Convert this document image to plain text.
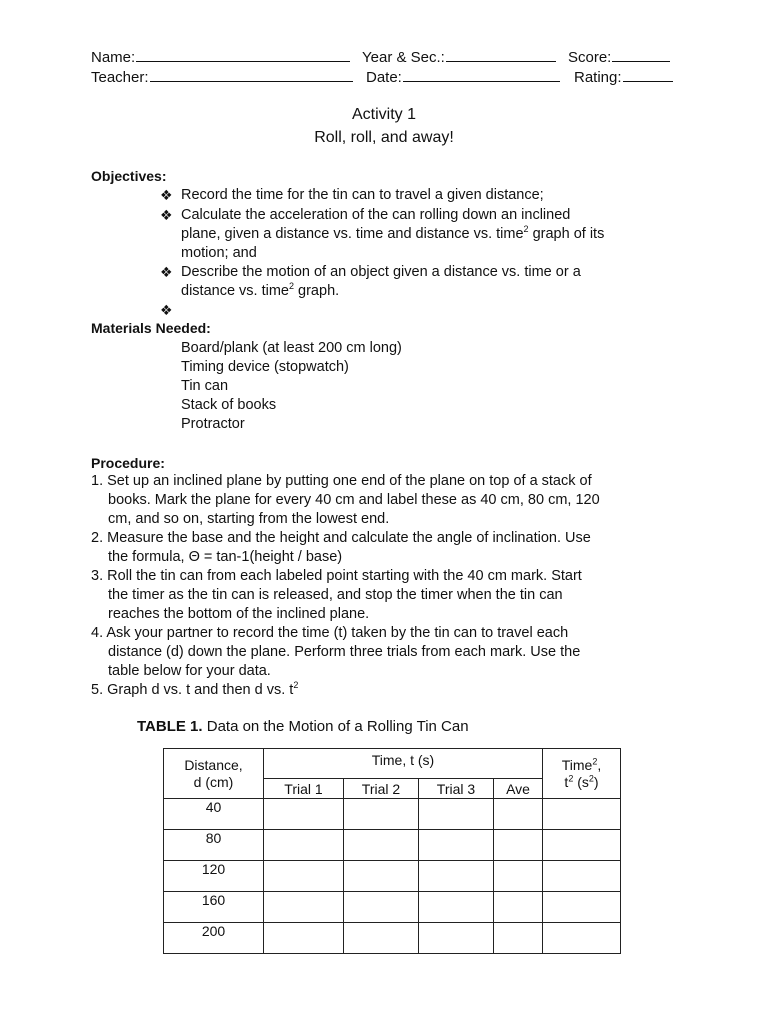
Name:	Year & Sec.:	Score:
Teacher:	Date:	Rating:
Activity 1
Roll, roll, and away!
Objectives:
❖ Record the time for the tin can to travel a given distance;
❖ Calculate the acceleration of the can rolling down an inclined
plane, given a distance vs. time and distance vs. time$^2$ graph of its
motion; and
❖ Describe the motion of an object given a distance vs. time or a
distance vs. time$^2$ graph.
❖
Materials Needed:
Board/plank (at least 200 cm long)
Timing device (stopwatch)
Tin can
Stack of books
Protractor
Procedure:
1. Set up an inclined plane by putting one end of the plane on top of a stack of
books. Mark the plane for every 40 cm and label these as 40 cm, 80 cm, 120
cm, and so on, starting from the lowest end.
2. Measure the base and the height and calculate the angle of inclination. Use
the formula, Θ = tan-1(height / base)
3. Roll the tin can from each labeled point starting with the 40 cm mark. Start
the timer as the tin can is released, and stop the timer when the tin can
reaches the bottom of the inclined plane.
4. Ask your partner to record the time (t) taken by the tin can to travel each
distance (d) down the plane. Perform three trials from each mark. Use the
table below for your data.
5. Graph d vs. t and then d vs. $t^2$
TABLE 1. Data on the Motion of a Rolling Tin Can
Distance,
d (cm)	Time, t (s)				Time$^2$,
$t^2$ $(s^2)$
	Trial 1	Trial 2	Trial 3	Ave	
40					
80					
120					
160					
200					
